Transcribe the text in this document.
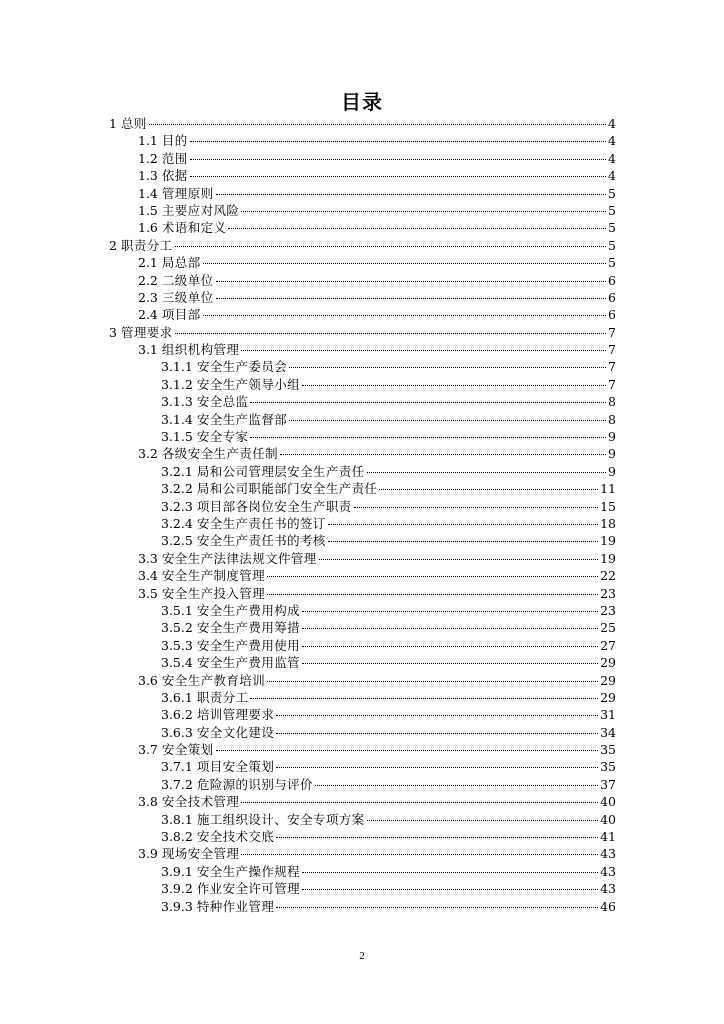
目录
1 总则	4
1.1 目的	4
1.2 范围	4
1.3 依据	4
1.4 管理原则	5
1.5 主要应对风险	5
1.6 术语和定义	5
2 职责分工	5
2.1 局总部	5
2.2 二级单位	6
2.3 三级单位	6
2.4 项目部	6
3 管理要求	7
3.1 组织机构管理	7
3.1.1 安全生产委员会	7
3.1.2 安全生产领导小组	7
3.1.3 安全总监	8
3.1.4 安全生产监督部	8
3.1.5 安全专家	9
3.2 各级安全生产责任制	9
3.2.1 局和公司管理层安全生产责任	9
3.2.2 局和公司职能部门安全生产责任	11
3.2.3 项目部各岗位安全生产职责	15
3.2.4 安全生产责任书的签订	18
3.2.5 安全生产责任书的考核	19
3.3 安全生产法律法规文件管理	19
3.4 安全生产制度管理	22
3.5 安全生产投入管理	23
3.5.1 安全生产费用构成	23
3.5.2 安全生产费用筹措	25
3.5.3 安全生产费用使用	27
3.5.4 安全生产费用监管	29
3.6 安全生产教育培训	29
3.6.1 职责分工	29
3.6.2 培训管理要求	31
3.6.3 安全文化建设	34
3.7 安全策划	35
3.7.1 项目安全策划	35
3.7.2 危险源的识别与评价	37
3.8 安全技术管理	40
3.8.1 施工组织设计、安全专项方案	40
3.8.2 安全技术交底	41
3.9 现场安全管理	43
3.9.1 安全生产操作规程	43
3.9.2 作业安全许可管理	43
3.9.3 特种作业管理	46
2
